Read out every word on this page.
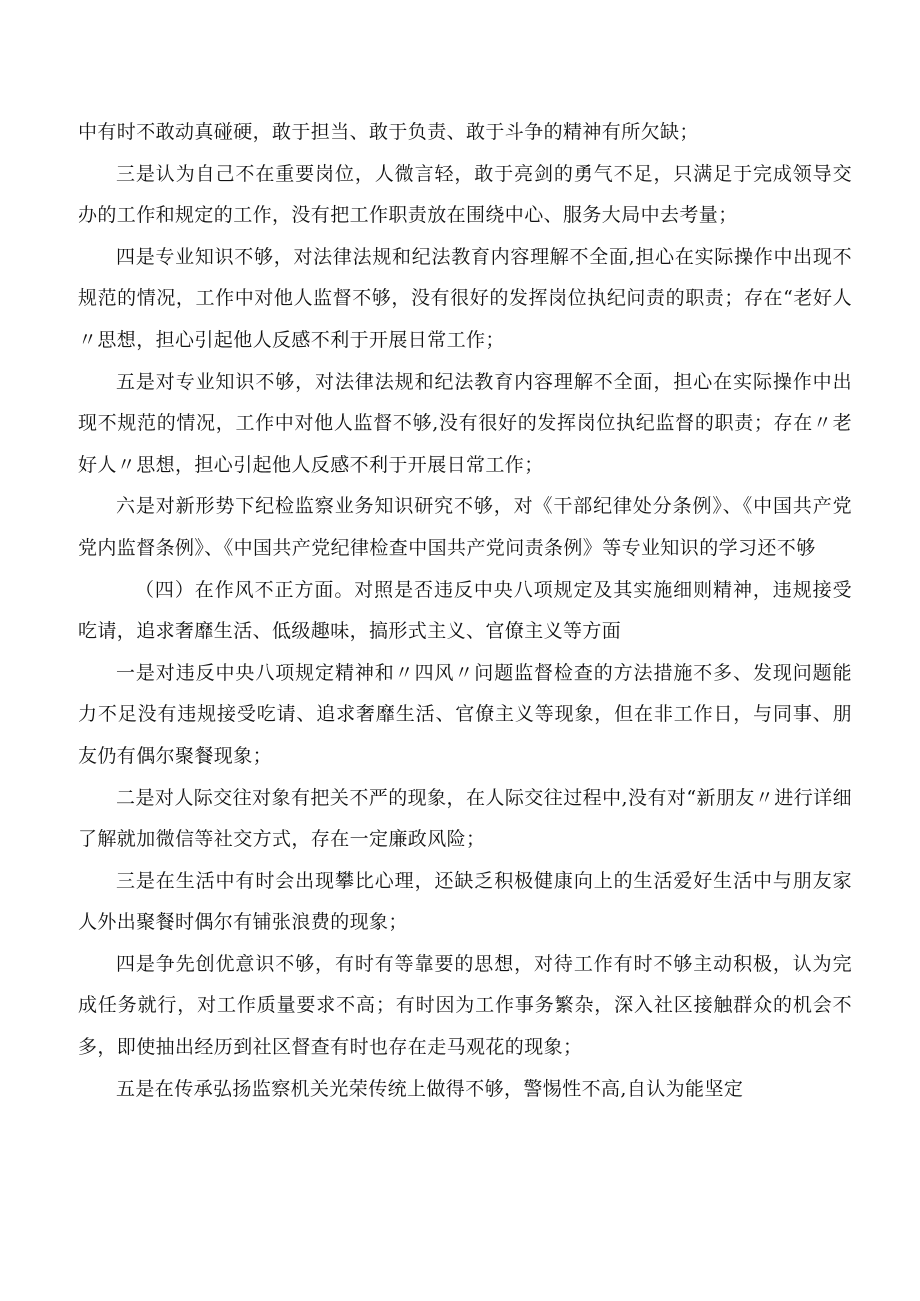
中有时不敢动真碰硬，敢于担当、敢于负责、敢于斗争的精神有所欠缺；

三是认为自己不在重要岗位，人微言轻，敢于亮剑的勇气不足，只满足于完成领导交办的工作和规定的工作，没有把工作职责放在围绕中心、服务大局中去考量；

四是专业知识不够，对法律法规和纪法教育内容理解不全面,担心在实际操作中出现不规范的情况，工作中对他人监督不够，没有很好的发挥岗位执纪问责的职责；存在“老好人〃思想，担心引起他人反感不利于开展日常工作；

五是对专业知识不够，对法律法规和纪法教育内容理解不全面，担心在实际操作中出现不规范的情况，工作中对他人监督不够,没有很好的发挥岗位执纪监督的职责；存在〃老好人〃思想，担心引起他人反感不利于开展日常工作；

六是对新形势下纪检监察业务知识研究不够，对《干部纪律处分条例》、《中国共产党党内监督条例》、《中国共产党纪律检查中国共产党问责条例》等专业知识的学习还不够

（四）在作风不正方面。对照是否违反中央八项规定及其实施细则精神，违规接受吃请，追求奢靡生活、低级趣味，搞形式主义、官僚主义等方面

一是对违反中央八项规定精神和〃四风〃问题监督检查的方法措施不多、发现问题能力不足没有违规接受吃请、追求奢靡生活、官僚主义等现象，但在非工作日，与同事、朋友仍有偶尔聚餐现象；

二是对人际交往对象有把关不严的现象，在人际交往过程中,没有对“新朋友〃进行详细了解就加微信等社交方式，存在一定廉政风险；

三是在生活中有时会出现攀比心理，还缺乏积极健康向上的生活爱好生活中与朋友家人外出聚餐时偶尔有铺张浪费的现象；

四是争先创优意识不够，有时有等靠要的思想，对待工作有时不够主动积极，认为完成任务就行，对工作质量要求不高；有时因为工作事务繁杂，深入社区接触群众的机会不多，即使抽出经历到社区督查有时也存在走马观花的现象；

五是在传承弘扬监察机关光荣传统上做得不够，警惕性不高,自认为能坚定
